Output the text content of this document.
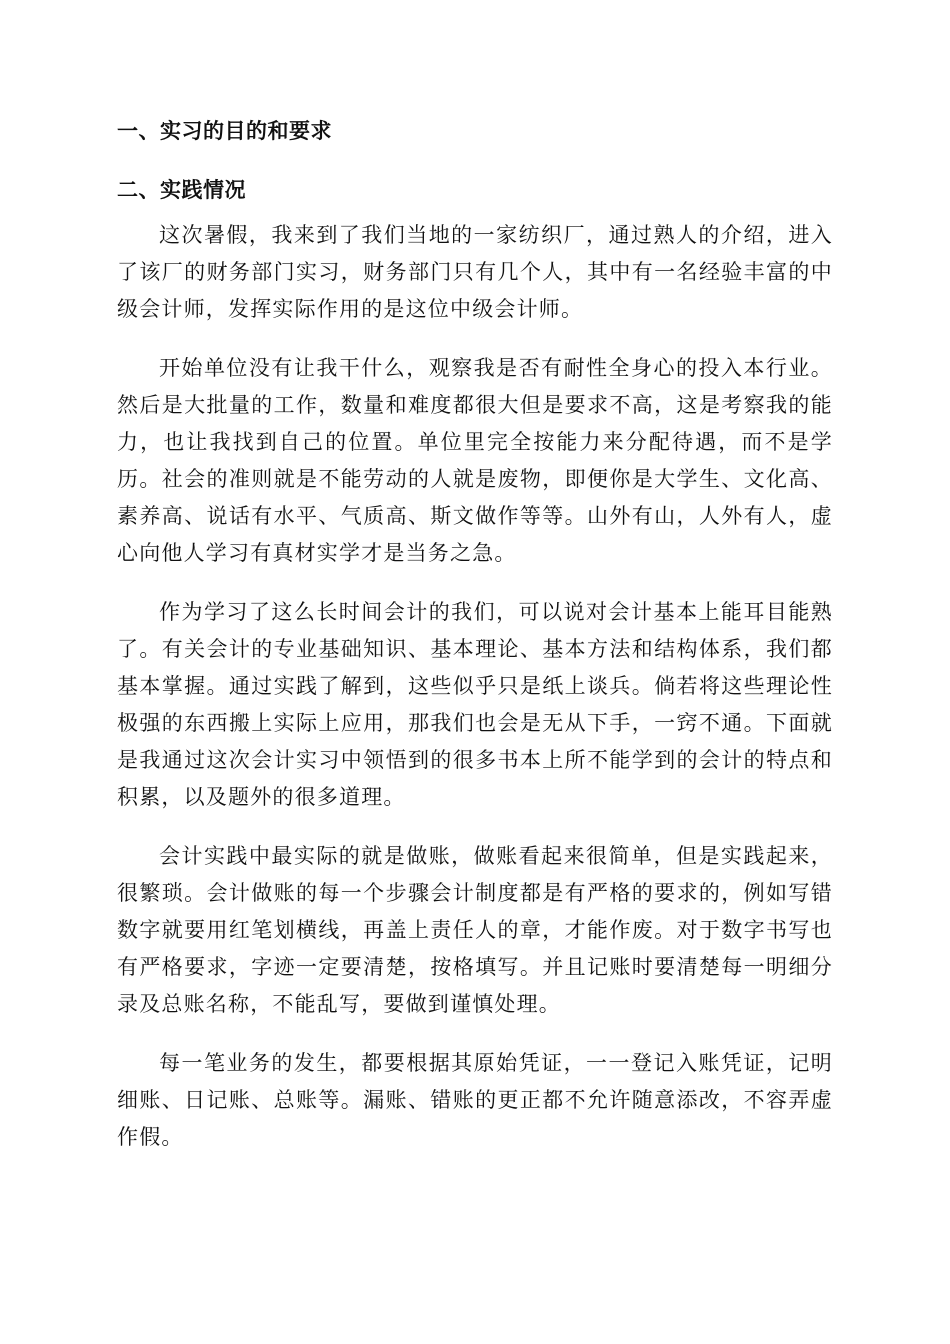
一、实习的目的和要求
二、实践情况

这次暑假，我来到了我们当地的一家纺织厂，通过熟人的介绍，进入了该厂的财务部门实习，财务部门只有几个人，其中有一名经验丰富的中级会计师，发挥实际作用的是这位中级会计师。

开始单位没有让我干什么，观察我是否有耐性全身心的投入本行业。然后是大批量的工作，数量和难度都很大但是要求不高，这是考察我的能力，也让我找到自己的位置。单位里完全按能力来分配待遇，而不是学历。社会的准则就是不能劳动的人就是废物，即便你是大学生、文化高、素养高、说话有水平、气质高、斯文做作等等。山外有山，人外有人，虚心向他人学习有真材实学才是当务之急。

作为学习了这么长时间会计的我们，可以说对会计基本上能耳目能熟了。有关会计的专业基础知识、基本理论、基本方法和结构体系，我们都基本掌握。通过实践了解到，这些似乎只是纸上谈兵。倘若将这些理论性极强的东西搬上实际上应用，那我们也会是无从下手，一窍不通。下面就是我通过这次会计实习中领悟到的很多书本上所不能学到的会计的特点和积累，以及题外的很多道理。

会计实践中最实际的就是做账，做账看起来很简单，但是实践起来，很繁琐。会计做账的每一个步骤会计制度都是有严格的要求的，例如写错数字就要用红笔划横线，再盖上责任人的章，才能作废。对于数字书写也有严格要求，字迹一定要清楚，按格填写。并且记账时要清楚每一明细分录及总账名称，不能乱写，要做到谨慎处理。

每一笔业务的发生，都要根据其原始凭证，一一登记入账凭证，记明细账、日记账、总账等。漏账、错账的更正都不允许随意添改，不容弄虚作假。
